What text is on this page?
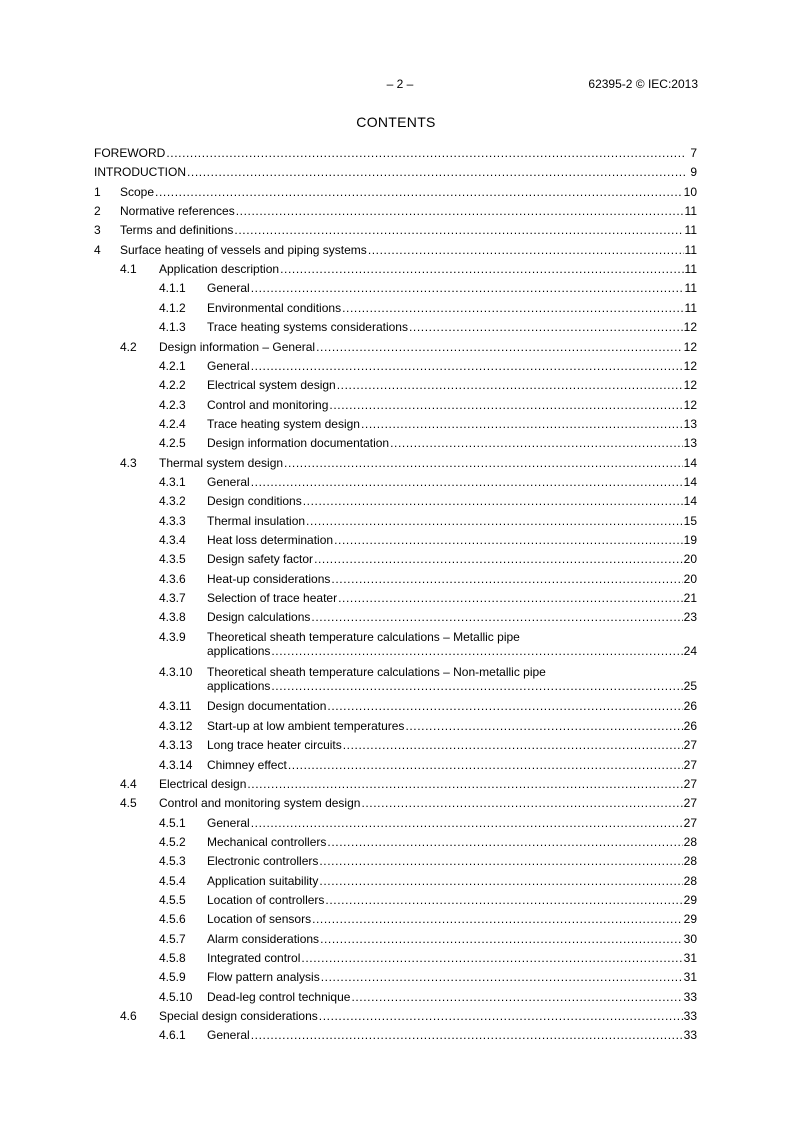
– 2 –	62395-2 © IEC:2013
CONTENTS
FOREWORD .....	7
INTRODUCTION .....	9
1 Scope .....	10
2 Normative references .....	11
3 Terms and definitions .....	11
4 Surface heating of vessels and piping systems .....	11
4.1 Application description .....	11
4.1.1 General .....	11
4.1.2 Environmental conditions .....	11
4.1.3 Trace heating systems considerations .....	12
4.2 Design information – General .....	12
4.2.1 General .....	12
4.2.2 Electrical system design .....	12
4.2.3 Control and monitoring .....	12
4.2.4 Trace heating system design .....	13
4.2.5 Design information documentation .....	13
4.3 Thermal system design .....	14
4.3.1 General .....	14
4.3.2 Design conditions .....	14
4.3.3 Thermal insulation .....	15
4.3.4 Heat loss determination .....	19
4.3.5 Design safety factor .....	20
4.3.6 Heat-up considerations .....	20
4.3.7 Selection of trace heater .....	21
4.3.8 Design calculations .....	23
4.3.9 Theoretical sheath temperature calculations – Metallic pipe
applications .....	24
4.3.10 Theoretical sheath temperature calculations – Non-metallic pipe
applications .....	25
4.3.11 Design documentation .....	26
4.3.12 Start-up at low ambient temperatures .....	26
4.3.13 Long trace heater circuits .....	27
4.3.14 Chimney effect .....	27
4.4 Electrical design .....	27
4.5 Control and monitoring system design .....	27
4.5.1 General .....	27
4.5.2 Mechanical controllers .....	28
4.5.3 Electronic controllers .....	28
4.5.4 Application suitability .....	28
4.5.5 Location of controllers .....	29
4.5.6 Location of sensors .....	29
4.5.7 Alarm considerations .....	30
4.5.8 Integrated control .....	31
4.5.9 Flow pattern analysis .....	31
4.5.10 Dead-leg control technique .....	33
4.6 Special design considerations .....	33
4.6.1 General .....	33
